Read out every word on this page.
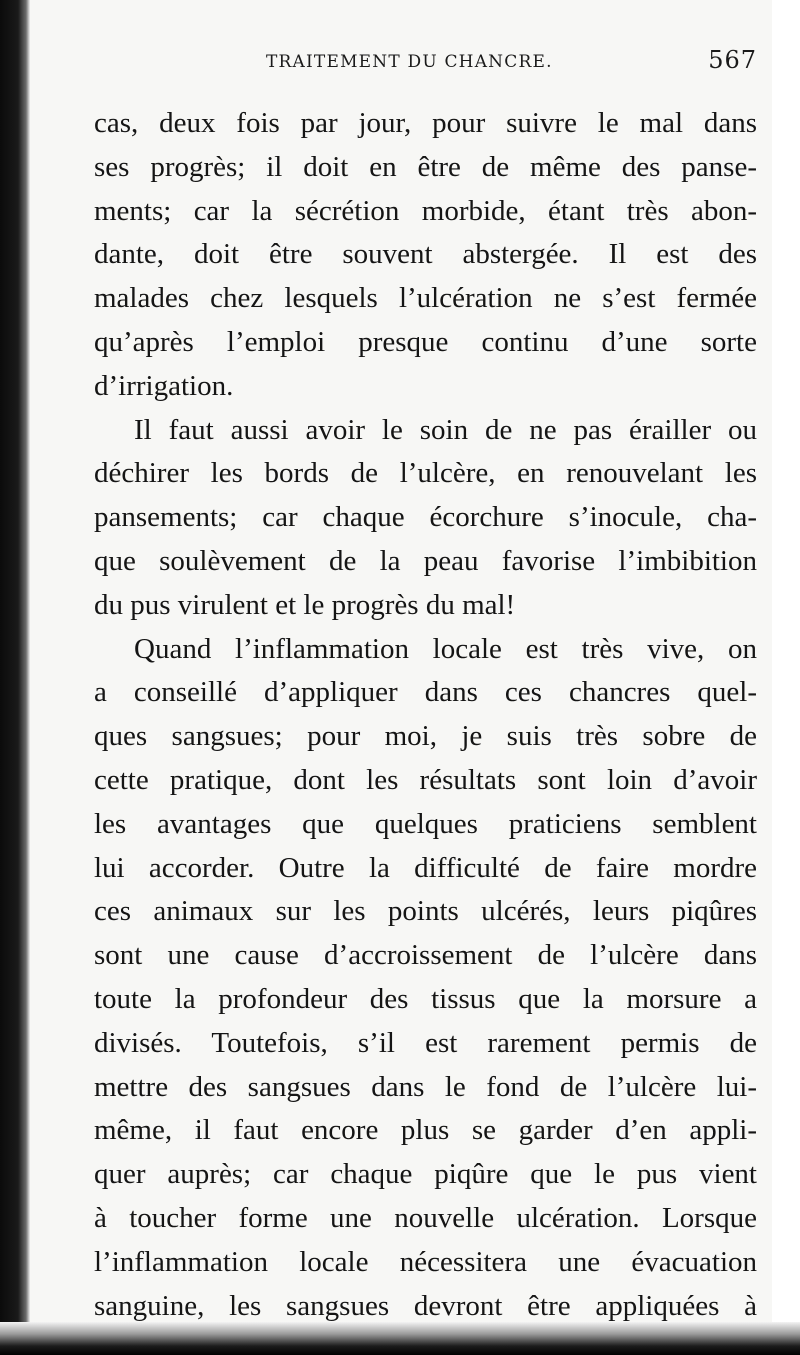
TRAITEMENT DU CHANCRE.	567
cas, deux fois par jour, pour suivre le mal dans
ses progrès; il doit en être de même des panse-
ments; car la sécrétion morbide, étant très abon-
dante, doit être souvent abstergée. Il est des
malades chez lesquels l’ulcération ne s’est fermée
qu’après l’emploi presque continu d’une sorte
d’irrigation.
Il faut aussi avoir le soin de ne pas érailler ou
déchirer les bords de l’ulcère, en renouvelant les
pansements; car chaque écorchure s’inocule, cha-
que soulèvement de la peau favorise l’imbibition
du pus virulent et le progrès du mal!
Quand l’inflammation locale est très vive, on
a conseillé d’appliquer dans ces chancres quel-
ques sangsues; pour moi, je suis très sobre de
cette pratique, dont les résultats sont loin d’avoir
les avantages que quelques praticiens semblent
lui accorder. Outre la difficulté de faire mordre
ces animaux sur les points ulcérés, leurs piqûres
sont une cause d’accroissement de l’ulcère dans
toute la profondeur des tissus que la morsure a
divisés. Toutefois, s’il est rarement permis de
mettre des sangsues dans le fond de l’ulcère lui-
même, il faut encore plus se garder d’en appli-
quer auprès; car chaque piqûre que le pus vient
à toucher forme une nouvelle ulcération. Lorsque
l’inflammation locale nécessitera une évacuation
sanguine, les sangsues devront être appliquées à
